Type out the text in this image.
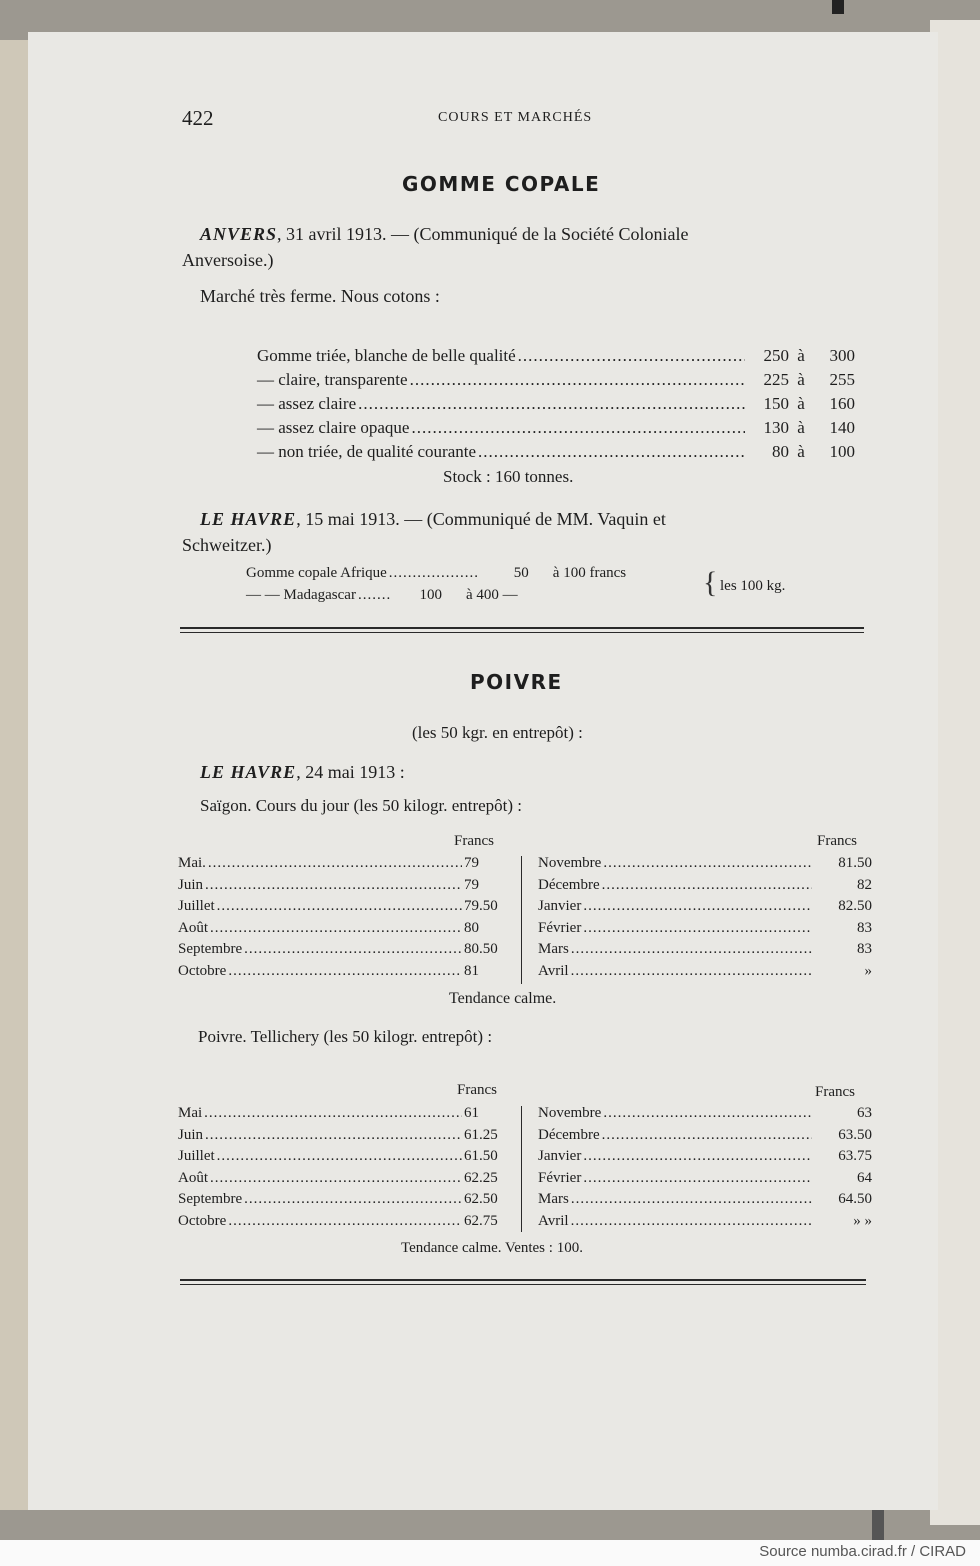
422	COURS ET MARCHÉS
GOMME COPALE
ANVERS, 31 avril 1913. — (Communiqué de la Société Coloniale
Anversoise.)
Marché très ferme. Nous cotons :
Gomme triée, blanche de belle qualité .....	250 à	300
— claire, transparente .....	225 à	255
— assez claire .....	150 à	160
— assez claire opaque .....	130 à	140
— non triée, de qualité courante .....	80 à	100
Stock : 160 tonnes.
LE HAVRE, 15 mai 1913. — (Communiqué de MM. Vaquin et
Schweitzer.)
Gomme copale Afrique .....	50 à 100 francs
— — Madagascar .....	100 à 400 —	{ les 100 kg.
POIVRE
(les 50 kgr. en entrepôt) :
LE HAVRE, 24 mai 1913 :
Saïgon. Cours du jour (les 50 kilogr. entrepôt) :
Francs	Francs
Mai. .....	79
Juin .....	79
Juillet .....	79.50
Août .....	80
Septembre .....	80.50
Octobre .....	81
Novembre .....	81.50
Décembre .....	82
Janvier .....	82.50
Février .....	83
Mars .....	83
Avril .....	»
Tendance calme.
Poivre. Tellichery (les 50 kilogr. entrepôt) :
Francs	Francs
Mai .....	61
Juin .....	61.25
Juillet .....	61.50
Août .....	62.25
Septembre .....	62.50
Octobre .....	62.75
Novembre .....	63
Décembre .....	63.50
Janvier .....	63.75
Février .....	64
Mars .....	64.50
Avril .....	» »
Tendance calme. Ventes : 100.
Source numba.cirad.fr / CIRAD
